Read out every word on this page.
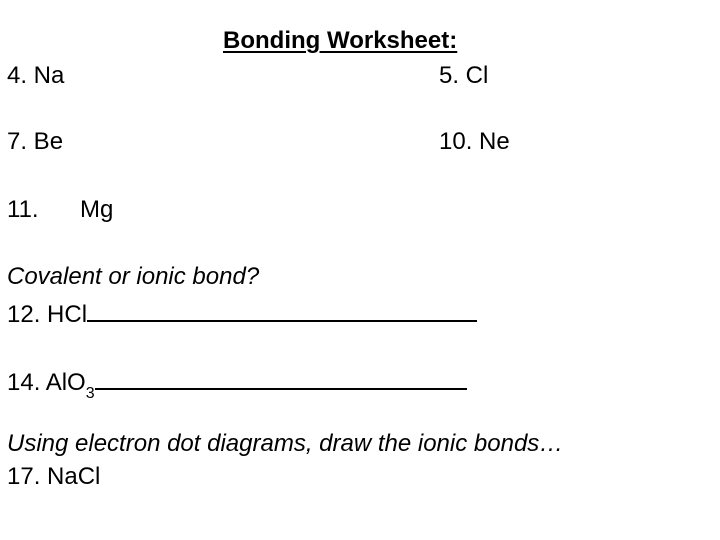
Bonding Worksheet:
4. Na	5. Cl
7. Be	10. Ne
11. Mg
Covalent or ionic bond?
12. HCl
14. AlO$_3$
Using electron dot diagrams, draw the ionic bonds…
17. NaCl
